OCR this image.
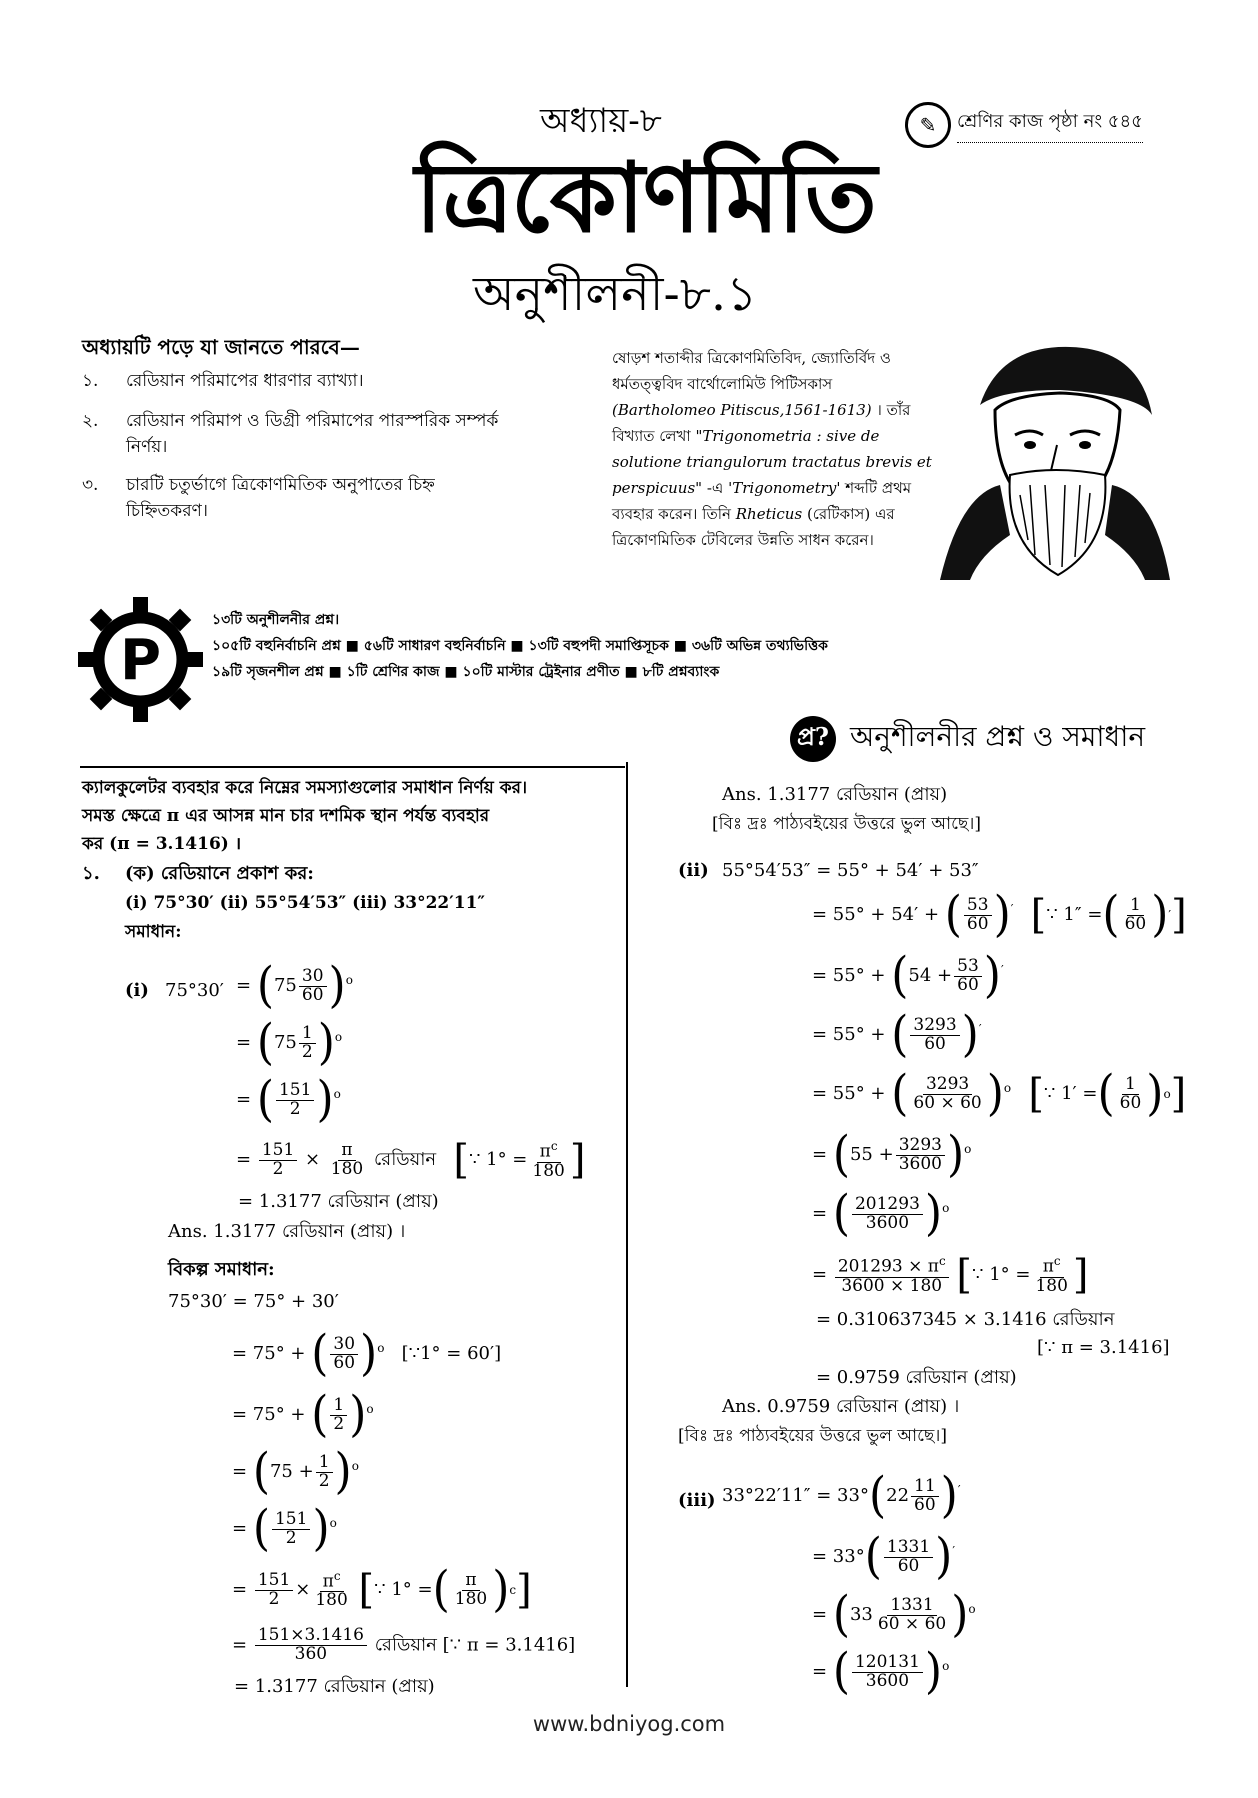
অধ্যায়-৮
ত্রিকোণমিতি
অনুশীলনী-৮.১
✎	শ্রেণির কাজ পৃষ্ঠা নং ৫৪৫
অধ্যায়টি পড়ে যা জানতে পারবে—
১. রেডিয়ান পরিমাপের ধারণার ব্যাখ্যা।
২. রেডিয়ান পরিমাপ ও ডিগ্রী পরিমাপের পারস্পরিক সম্পর্ক নির্ণয়।
৩. চারটি চতুর্ভাগে ত্রিকোণমিতিক অনুপাতের চিহ্ন চিহ্নিতকরণ।
ষোড়শ শতাব্দীর ত্রিকোণমিতিবিদ, জ্যোতির্বিদ ও ধর্মতত্ত্ববিদ বার্থোলোমিউ পিটিসকাস (Bartholomeo Pitiscus,1561-1613) । তাঁর বিখ্যাত লেখা "Trigonometria : sive de solutione triangulorum tractatus brevis et perspicuus" -এ 'Trigonometry' শব্দটি প্রথম ব্যবহার করেন। তিনি Rheticus (রেটিকাস) এর ত্রিকোণমিতিক টেবিলের উন্নতি সাধন করেন।
P
১৩টি অনুশীলনীর প্রশ্ন।
১০৫টি বহুনির্বাচনি প্রশ্ন ■ ৫৬টি সাধারণ বহুনির্বাচনি ■ ১৩টি বহুপদী সমাপ্তিসূচক ■ ৩৬টি অভিন্ন তথ্যভিত্তিক
১৯টি সৃজনশীল প্রশ্ন ■ ১টি শ্রেণির কাজ ■ ১০টি মাস্টার ট্রেইনার প্রণীত ■ ৮টি প্রশ্নব্যাংক
প্র? অনুশীলনীর প্রশ্ন ও সমাধান
ক্যালকুলেটর ব্যবহার করে নিম্নের সমস্যাগুলোর সমাধান নির্ণয় কর।
সমস্ত ক্ষেত্রে π এর আসন্ন মান চার দশমিক স্থান পর্যন্ত ব্যবহার
কর (π = 3.1416) ।
১. (ক) রেডিয়ানে প্রকাশ কর:
(i) 75°30′ (ii) 55°54′53″ (iii) 33°22′11″
সমাধান:
(i) 75°30′ = ( $75 \frac{30}{60}$
) $^o$
= ( $75 \frac{1}{2}$
) $^o$
= ( $\frac{151}{2}$
) $^o$
= $\frac{151}{2} \times \frac{\pi}{180}$ রেডিয়ান [ ∵ $1^\circ = \frac{\pi^c}{180}$
]
= 1.3177 রেডিয়ান (প্রায়)
Ans. 1.3177 রেডিয়ান (প্রায়) ।
বিকল্প সমাধান:
75°30′ = 75° + 30′
= 75° + ( $\frac{30}{60}$
) $^o$ [∵1° = 60′]
= 75° + ( $\frac{1}{2}$
) $^o$
= ( $75 + \frac{1}{2}$
) $^o$
= ( $\frac{151}{2}$
) $^o$
= $\frac{151}{2} \times \frac{\pi^c}{180}$ [ ∵ 1° = ( $\frac{\pi}{180}$
) c
]
= $\frac{151\times 3.1416}{360}$ রেডিয়ান [∵ π = 3.1416]
= 1.3177 রেডিয়ান (প্রায়)
Ans. 1.3177 রেডিয়ান (প্রায়)
[বিঃ দ্রঃ পাঠ্যবইয়ের উত্তরে ভুল আছে।]
(ii) 55°54′53″ = 55° + 54′ + 53″
= 55° + 54′ + ( $\frac{53}{60}$
) ′ [ ∵ 1″ = ( $\frac{1}{60}$
) ′
]
= 55° + ( $54 + \frac{53}{60}$
) ′
= 55° + ( $\frac{3293}{60}$
) ′
= 55° + ( $\frac{3293}{60 \times 60}$
) $^o$ [ ∵ 1′ = ( $\frac{1}{60}$
) o
]
= ( $55 + \frac{3293}{3600}$
) $^o$
= ( $\frac{201293}{3600}$
) $^o$
= $\frac{201293 \times \pi^c}{3600 \times 180}$ [ ∵ $1^\circ = \frac{\pi^c}{180}$
]
= 0.310637345 × 3.1416 রেডিয়ান
[∵ π = 3.1416]
= 0.9759 রেডিয়ান (প্রায়)
Ans. 0.9759 রেডিয়ান (প্রায়) ।
[বিঃ দ্রঃ পাঠ্যবইয়ের উত্তরে ভুল আছে।]
(iii) 33°22′11″ = 33° ( $22 \frac{11}{60}$
) ′
= 33° ( $\frac{1331}{60}$
) ′
= ( $33 \frac{1331}{60 \times 60}$
) $^o$
= ( $\frac{120131}{3600}$
) $^o$
www.bdniyog.com
